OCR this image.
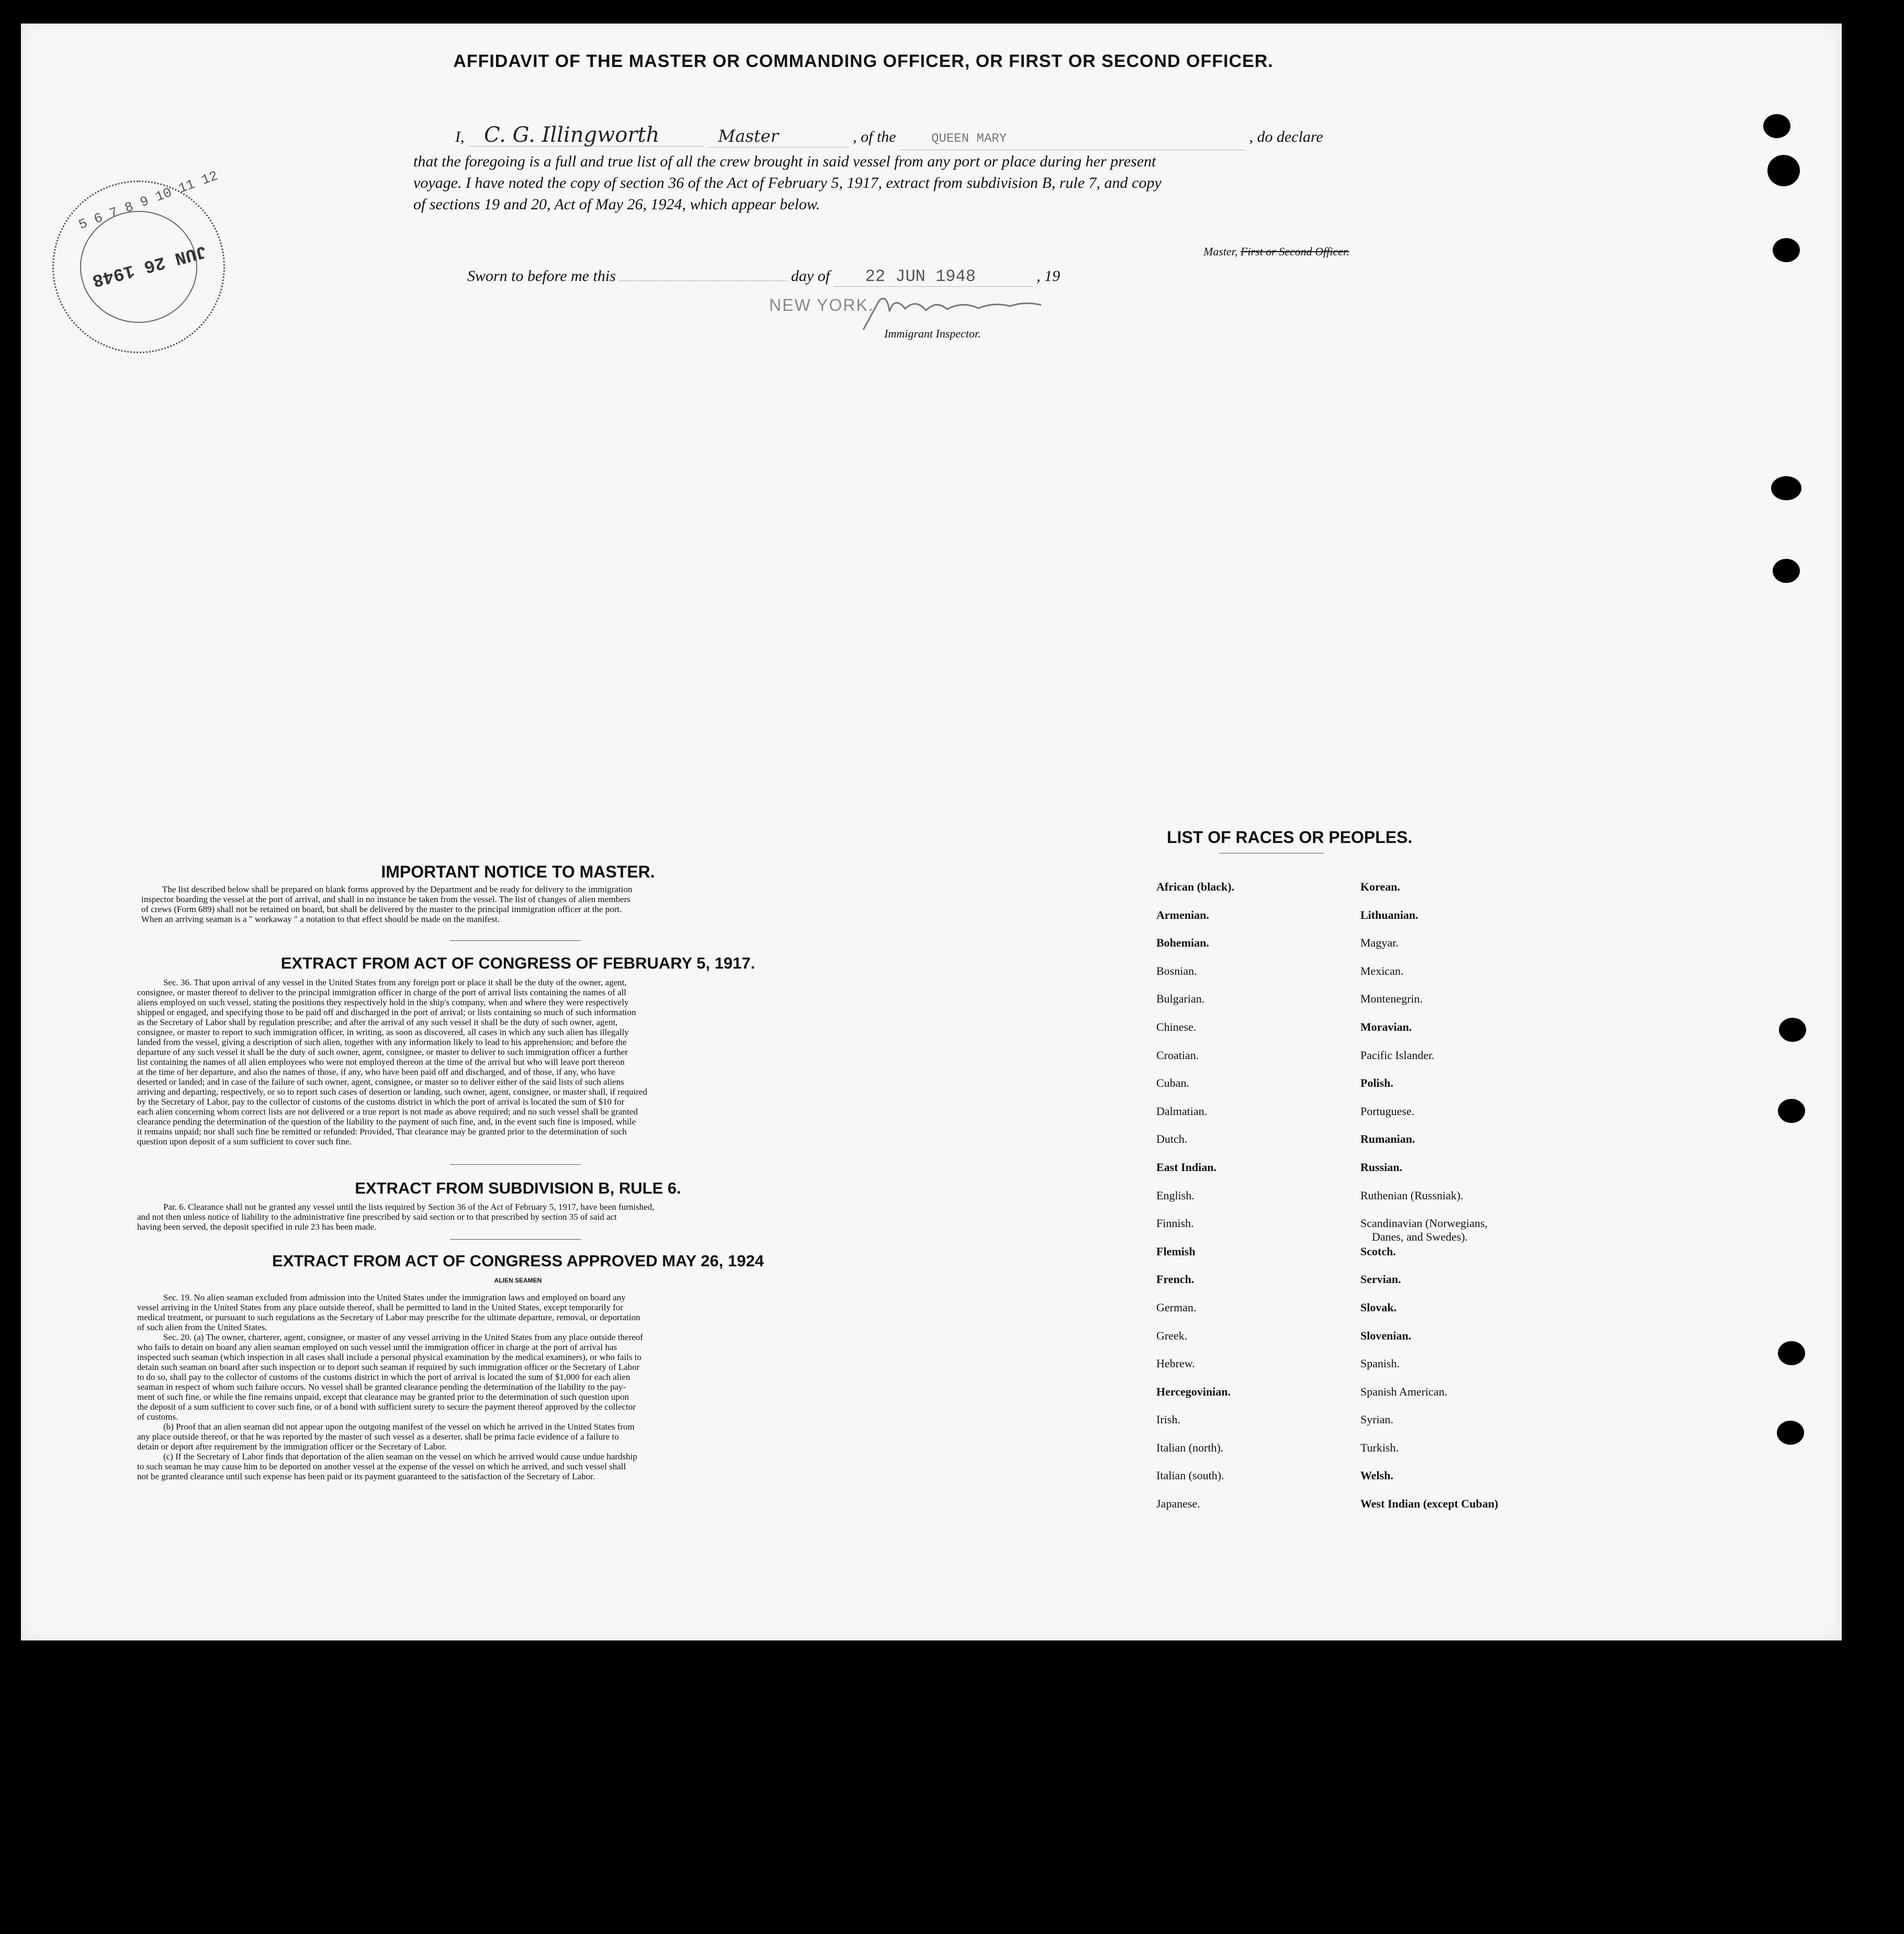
AFFIDAVIT OF THE MASTER OR COMMANDING OFFICER, OR FIRST OR SECOND OFFICER.
I, C. G. Illingworth	Master	, of the	QUEEN MARY	, do declare
that the foregoing is a full and true list of all the crew brought in said vessel from any port or place during her present
voyage. I have noted the copy of section 36 of the Act of February 5, 1917, extract from subdivision B, rule 7, and copy
of sections 19 and 20, Act of May 26, 1924, which appear below.
Master, First or Second Officer.
Sworn to before me this	day of 22 JUN 1948	, 19
NEW YORK.
Immigrant Inspector.
5 6 7 8 9 10 11 12
JUN 26 1948
IMPORTANT NOTICE TO MASTER.
The list described below shall be prepared on blank forms approved by the Department and be ready for delivery to the immigration
inspector boarding the vessel at the port of arrival, and shall in no instance be taken from the vessel. The list of changes of alien members
of crews (Form 689) shall not be retained on board, but shall be delivered by the master to the principal immigration officer at the port.
When an arriving seaman is a " workaway " a notation to that effect should be made on the manifest.
EXTRACT FROM ACT OF CONGRESS OF FEBRUARY 5, 1917.
Sec. 36. That upon arrival of any vessel in the United States from any foreign port or place it shall be the duty of the owner, agent,
consignee, or master thereof to deliver to the principal immigration officer in charge of the port of arrival lists containing the names of all
aliens employed on such vessel, stating the positions they respectively hold in the ship's company, when and where they were respectively
shipped or engaged, and specifying those to be paid off and discharged in the port of arrival; or lists containing so much of such information
as the Secretary of Labor shall by regulation prescribe; and after the arrival of any such vessel it shall be the duty of such owner, agent,
consignee, or master to report to such immigration officer, in writing, as soon as discovered, all cases in which any such alien has illegally
landed from the vessel, giving a description of such alien, together with any information likely to lead to his apprehension; and before the
departure of any such vessel it shall be the duty of such owner, agent, consignee, or master to deliver to such immigration officer a further
list containing the names of all alien employees who were not employed thereon at the time of the arrival but who will leave port thereon
at the time of her departure, and also the names of those, if any, who have been paid off and discharged, and of those, if any, who have
deserted or landed; and in case of the failure of such owner, agent, consignee, or master so to deliver either of the said lists of such aliens
arriving and departing, respectively, or so to report such cases of desertion or landing, such owner, agent, consignee, or master shall, if required
by the Secretary of Labor, pay to the collector of customs of the customs district in which the port of arrival is located the sum of $10 for
each alien concerning whom correct lists are not delivered or a true report is not made as above required; and no such vessel shall be granted
clearance pending the determination of the question of the liability to the payment of such fine, and, in the event such fine is imposed, while
it remains unpaid; nor shall such fine be remitted or refunded: Provided, That clearance may be granted prior to the determination of such
question upon deposit of a sum sufficient to cover such fine.
EXTRACT FROM SUBDIVISION B, RULE 6.
Par. 6. Clearance shall not be granted any vessel until the lists required by Section 36 of the Act of February 5, 1917, have been furnished,
and not then unless notice of liability to the administrative fine prescribed by said section or to that prescribed by section 35 of said act
having been served, the deposit specified in rule 23 has been made.
EXTRACT FROM ACT OF CONGRESS APPROVED MAY 26, 1924
ALIEN SEAMEN
Sec. 19. No alien seaman excluded from admission into the United States under the immigration laws and employed on board any
vessel arriving in the United States from any place outside thereof, shall be permitted to land in the United States, except temporarily for
medical treatment, or pursuant to such regulations as the Secretary of Labor may prescribe for the ultimate departure, removal, or deportation
of such alien from the United States.
Sec. 20. (a) The owner, charterer, agent, consignee, or master of any vessel arriving in the United States from any place outside thereof
who fails to detain on board any alien seaman employed on such vessel until the immigration officer in charge at the port of arrival has
inspected such seaman (which inspection in all cases shall include a personal physical examination by the medical examiners), or who fails to
detain such seaman on board after such inspection or to deport such seaman if required by such immigration officer or the Secretary of Labor
to do so, shall pay to the collector of customs of the customs district in which the port of arrival is located the sum of $1,000 for each alien
seaman in respect of whom such failure occurs. No vessel shall be granted clearance pending the determination of the liability to the pay-
ment of such fine, or while the fine remains unpaid, except that clearance may be granted prior to the determination of such question upon
the deposit of a sum sufficient to cover such fine, or of a bond with sufficient surety to secure the payment thereof approved by the collector
of customs.
(b) Proof that an alien seaman did not appear upon the outgoing manifest of the vessel on which he arrived in the United States from
any place outside thereof, or that he was reported by the master of such vessel as a deserter, shall be prima facie evidence of a failure to
detain or deport after requirement by the immigration officer or the Secretary of Labor.
(c) If the Secretary of Labor finds that deportation of the alien seaman on the vessel on which he arrived would cause undue hardship
to such seaman he may cause him to be deported on another vessel at the expense of the vessel on which he arrived, and such vessel shall
not be granted clearance until such expense has been paid or its payment guaranteed to the satisfaction of the Secretary of Labor.
LIST OF RACES OR PEOPLES.
African (black).
Armenian.
Bohemian.
Bosnian.
Bulgarian.
Chinese.
Croatian.
Cuban.
Dalmatian.
Dutch.
East Indian.
English.
Finnish.
Flemish
French.
German.
Greek.
Hebrew.
Hercegovinian.
Irish.
Italian (north).
Italian (south).
Japanese.
Korean.
Lithuanian.
Magyar.
Mexican.
Montenegrin.
Moravian.
Pacific Islander.
Polish.
Portuguese.
Rumanian.
Russian.
Ruthenian (Russniak).
Scandinavian (Norwegians,
Danes, and Swedes).
Scotch.
Servian.
Slovak.
Slovenian.
Spanish.
Spanish American.
Syrian.
Turkish.
Welsh.
West Indian (except Cuban)
